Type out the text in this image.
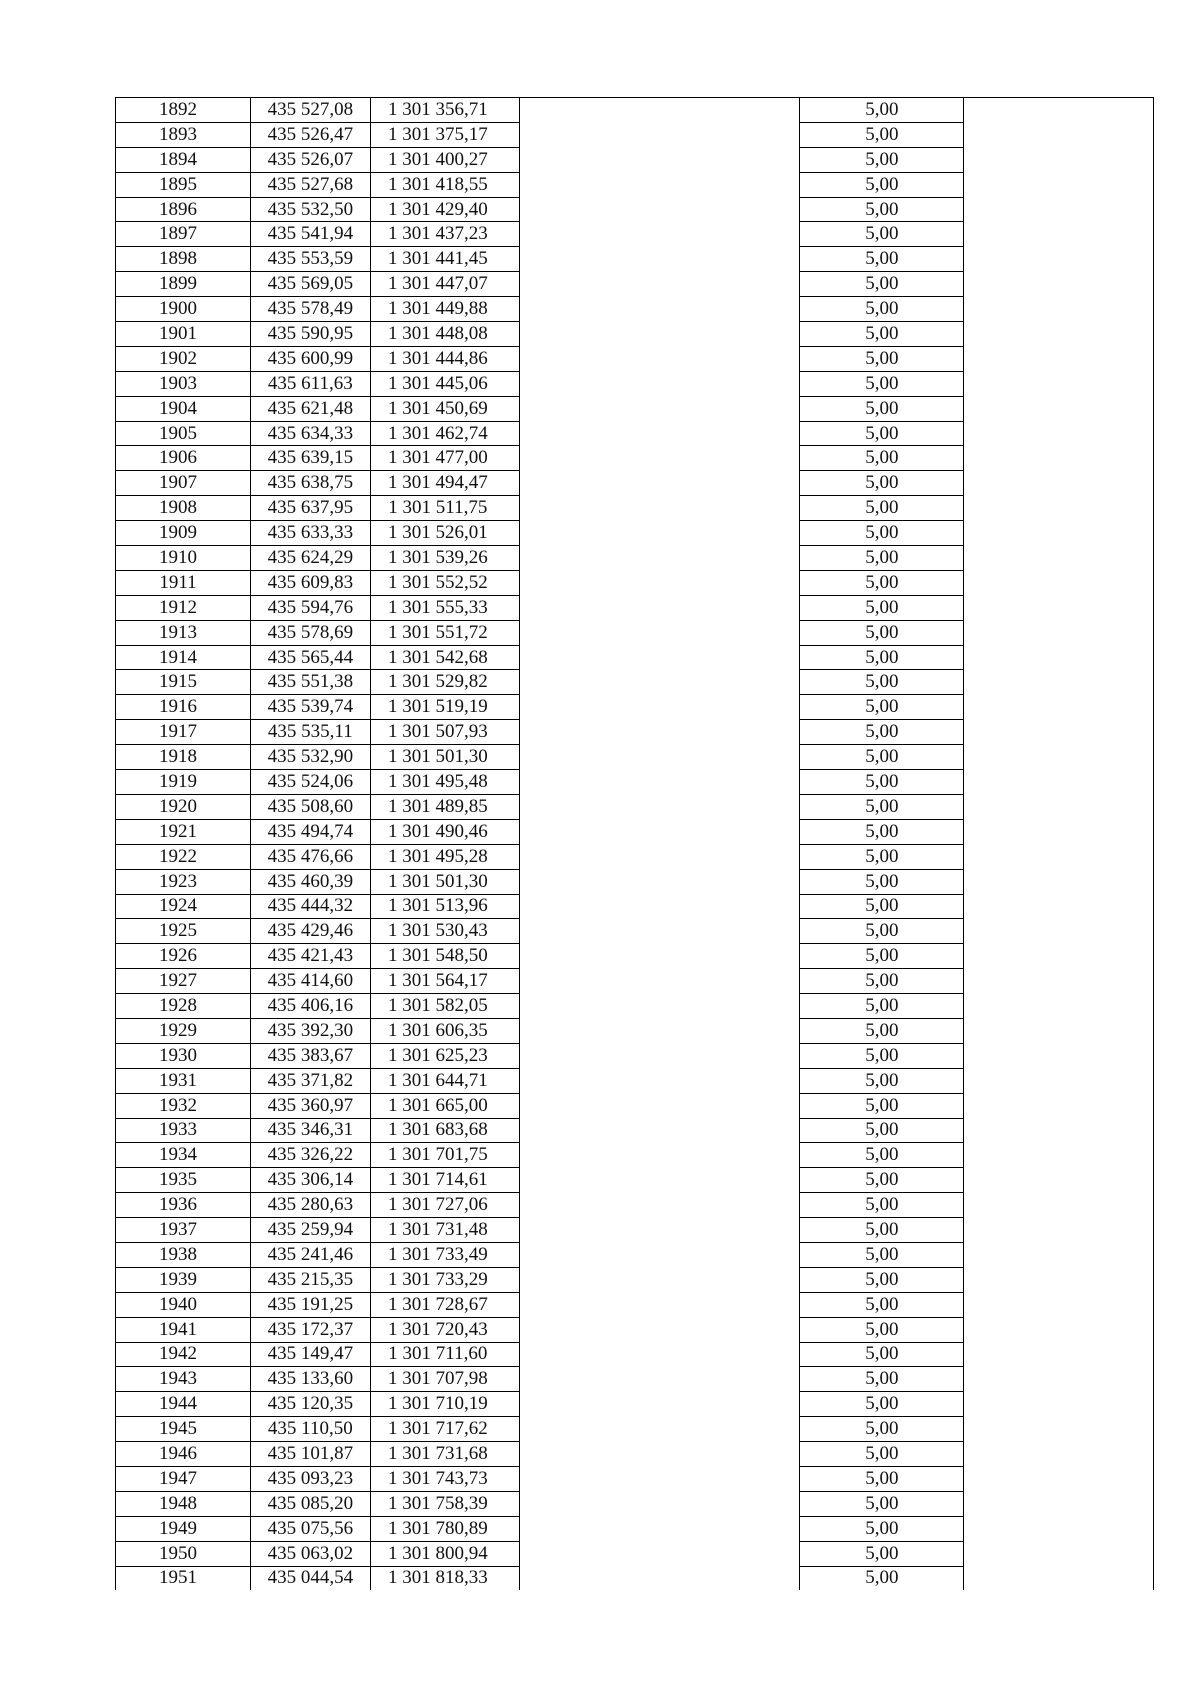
1892	435 527,08	1 301 356,71		5,00	
1893	435 526,47	1 301 375,17		5,00	
1894	435 526,07	1 301 400,27		5,00	
1895	435 527,68	1 301 418,55		5,00	
1896	435 532,50	1 301 429,40		5,00	
1897	435 541,94	1 301 437,23		5,00	
1898	435 553,59	1 301 441,45		5,00	
1899	435 569,05	1 301 447,07		5,00	
1900	435 578,49	1 301 449,88		5,00	
1901	435 590,95	1 301 448,08		5,00	
1902	435 600,99	1 301 444,86		5,00	
1903	435 611,63	1 301 445,06		5,00	
1904	435 621,48	1 301 450,69		5,00	
1905	435 634,33	1 301 462,74		5,00	
1906	435 639,15	1 301 477,00		5,00	
1907	435 638,75	1 301 494,47		5,00	
1908	435 637,95	1 301 511,75		5,00	
1909	435 633,33	1 301 526,01		5,00	
1910	435 624,29	1 301 539,26		5,00	
1911	435 609,83	1 301 552,52		5,00	
1912	435 594,76	1 301 555,33		5,00	
1913	435 578,69	1 301 551,72		5,00	
1914	435 565,44	1 301 542,68		5,00	
1915	435 551,38	1 301 529,82		5,00	
1916	435 539,74	1 301 519,19		5,00	
1917	435 535,11	1 301 507,93		5,00	
1918	435 532,90	1 301 501,30		5,00	
1919	435 524,06	1 301 495,48		5,00	
1920	435 508,60	1 301 489,85		5,00	
1921	435 494,74	1 301 490,46		5,00	
1922	435 476,66	1 301 495,28		5,00	
1923	435 460,39	1 301 501,30		5,00	
1924	435 444,32	1 301 513,96		5,00	
1925	435 429,46	1 301 530,43		5,00	
1926	435 421,43	1 301 548,50		5,00	
1927	435 414,60	1 301 564,17		5,00	
1928	435 406,16	1 301 582,05		5,00	
1929	435 392,30	1 301 606,35		5,00	
1930	435 383,67	1 301 625,23		5,00	
1931	435 371,82	1 301 644,71		5,00	
1932	435 360,97	1 301 665,00		5,00	
1933	435 346,31	1 301 683,68		5,00	
1934	435 326,22	1 301 701,75		5,00	
1935	435 306,14	1 301 714,61		5,00	
1936	435 280,63	1 301 727,06		5,00	
1937	435 259,94	1 301 731,48		5,00	
1938	435 241,46	1 301 733,49		5,00	
1939	435 215,35	1 301 733,29		5,00	
1940	435 191,25	1 301 728,67		5,00	
1941	435 172,37	1 301 720,43		5,00	
1942	435 149,47	1 301 711,60		5,00	
1943	435 133,60	1 301 707,98		5,00	
1944	435 120,35	1 301 710,19		5,00	
1945	435 110,50	1 301 717,62		5,00	
1946	435 101,87	1 301 731,68		5,00	
1947	435 093,23	1 301 743,73		5,00	
1948	435 085,20	1 301 758,39		5,00	
1949	435 075,56	1 301 780,89		5,00	
1950	435 063,02	1 301 800,94		5,00	
1951	435 044,54	1 301 818,33		5,00	
